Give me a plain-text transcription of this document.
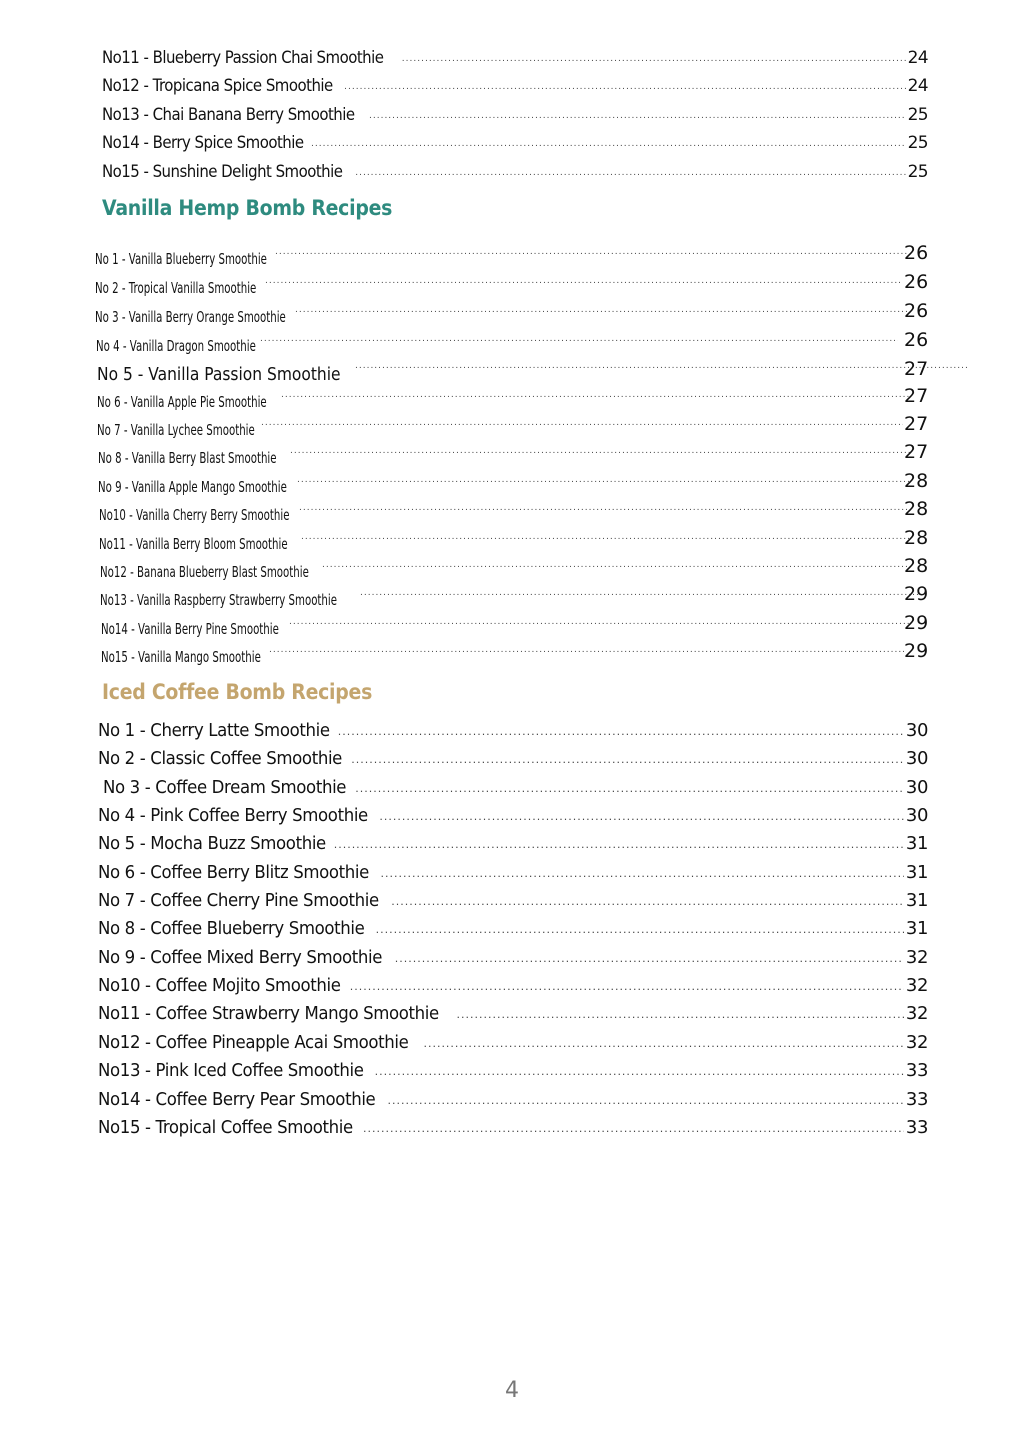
No11 - Blueberry Passion Chai Smoothie .....	24
No12 - Tropicana Spice Smoothie .....	24
No13 - Chai Banana Berry Smoothie .....	25
No14 - Berry Spice Smoothie .....	25
No15 - Sunshine Delight Smoothie .....	25
Vanilla Hemp Bomb Recipes
No 1 - Vanilla Blueberry Smoothie .....	26
No 2 - Tropical Vanilla Smoothie .....	26
No 3 - Vanilla Berry Orange Smoothie .....	26
No 4 - Vanilla Dragon Smoothie .....	26
No 5 - Vanilla Passion Smoothie .....	27
No 6 - Vanilla Apple Pie Smoothie .....	27
No 7 - Vanilla Lychee Smoothie .....	27
No 8 - Vanilla Berry Blast Smoothie .....	27
No 9 - Vanilla Apple Mango Smoothie .....	28
No10 - Vanilla Cherry Berry Smoothie .....	28
No11 - Vanilla Berry Bloom Smoothie .....	28
No12 - Banana Blueberry Blast Smoothie .....	28
No13 - Vanilla Raspberry Strawberry Smoothie .....	29
No14 - Vanilla Berry Pine Smoothie .....	29
No15 - Vanilla Mango Smoothie .....	29
Iced Coffee Bomb Recipes
No 1 - Cherry Latte Smoothie .....	30
No 2 - Classic Coffee Smoothie .....	30
No 3 - Coffee Dream Smoothie .....	30
No 4 - Pink Coffee Berry Smoothie .....	30
No 5 - Mocha Buzz Smoothie .....	31
No 6 - Coffee Berry Blitz Smoothie .....	31
No 7 - Coffee Cherry Pine Smoothie .....	31
No 8 - Coffee Blueberry Smoothie .....	31
No 9 - Coffee Mixed Berry Smoothie .....	32
No10 - Coffee Mojito Smoothie .....	32
No11 - Coffee Strawberry Mango Smoothie .....	32
No12 - Coffee Pineapple Acai Smoothie .....	32
No13 - Pink Iced Coffee Smoothie .....	33
No14 - Coffee Berry Pear Smoothie .....	33
No15 - Tropical Coffee Smoothie .....	33
4
